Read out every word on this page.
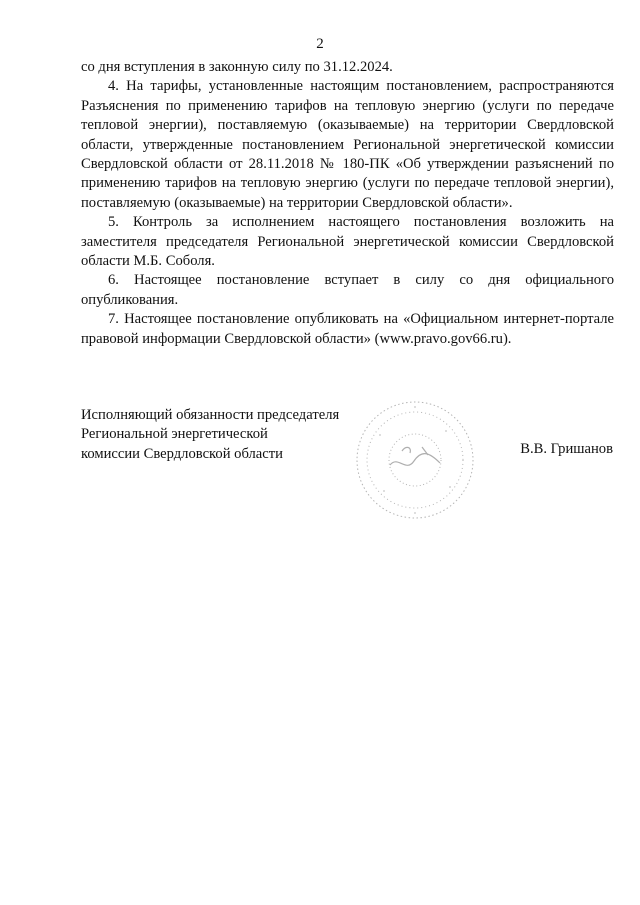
2

со дня вступления в законную силу по 31.12.2024.

4. На тарифы, установленные настоящим постановлением, распространяются Разъяснения по применению тарифов на тепловую энергию (услуги по передаче тепловой энергии), поставляемую (оказываемые) на территории Свердловской области, утвержденные постановлением Региональной энергетической комиссии Свердловской области от 28.11.2018 № 180-ПК «Об утверждении разъяснений по применению тарифов на тепловую энергию (услуги по передаче тепловой энергии), поставляемую (оказываемые) на территории Свердловской области».

5. Контроль за исполнением настоящего постановления возложить на заместителя председателя Региональной энергетической комиссии Свердловской области М.Б. Соболя.

6. Настоящее постановление вступает в силу со дня официального опубликования.

7. Настоящее постановление опубликовать на «Официальном интернет-портале правовой информации Свердловской области» (www.pravo.gov66.ru).

Исполняющий обязанности председателя
Региональной энергетической
комиссии Свердловской области	В.В. Гришанов
